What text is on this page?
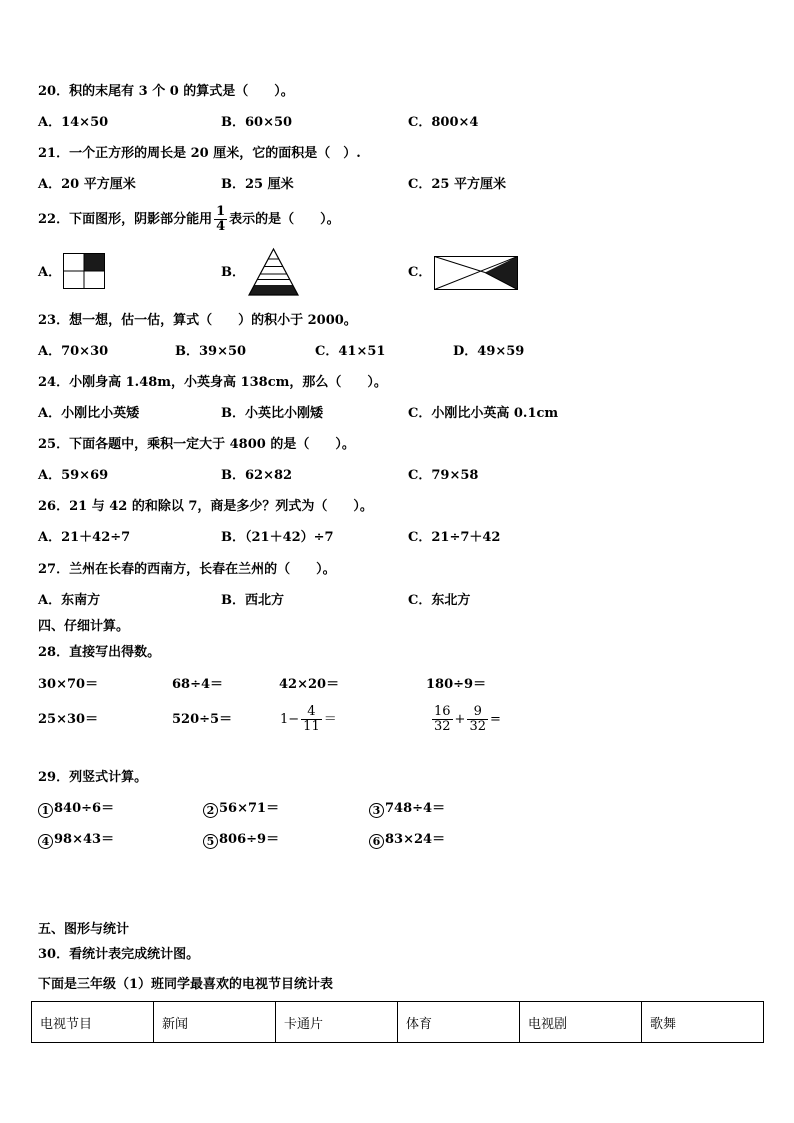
20．积的末尾有 3 个 0 的算式是（　　）。
A．14×50	B．60×50	C．800×4
21．一个正方形的周长是 20 厘米，它的面积是（　）.
A．20 平方厘米	B．25 厘米	C．25 平方厘米
22．下面图形，阴影部分能用 $\frac{1}{4}$ 表示的是（　　）。
A．	B．	C．
23．想一想，估一估，算式（　　）的积小于 2000。
A．70×30	B．39×50	C．41×51	D．49×59
24．小刚身高 1.48m，小英身高 138cm，那么（　　）。
A．小刚比小英矮	B．小英比小刚矮	C．小刚比小英高 0.1cm
25．下面各题中，乘积一定大于 4800 的是（　　）。
A．59×69	B．62×82	C．79×58
26．21 与 42 的和除以 7，商是多少？列式为（　　）。
A．21＋42÷7	B．（21＋42）÷7	C．21÷7＋42
27．兰州在长春的西南方，长春在兰州的（　　）。
A．东南方	B．西北方	C．东北方
四、仔细计算。
28．直接写出得数。
30×70＝	68÷4＝	42×20＝	180÷9＝
25×30＝	520÷5＝	$1- \frac{4}{11}$ ＝	$\frac{16}{32} + \frac{9}{32}$ =
29．列竖式计算。
1 840÷6＝	2 56×71＝	3 748÷4＝
4 98×43＝	5 806÷9＝	6 83×24＝
五、图形与统计
30．看统计表完成统计图。
下面是三年级（1）班同学最喜欢的电视节目统计表
电视节目	新闻	卡通片	体育	电视剧	歌舞
